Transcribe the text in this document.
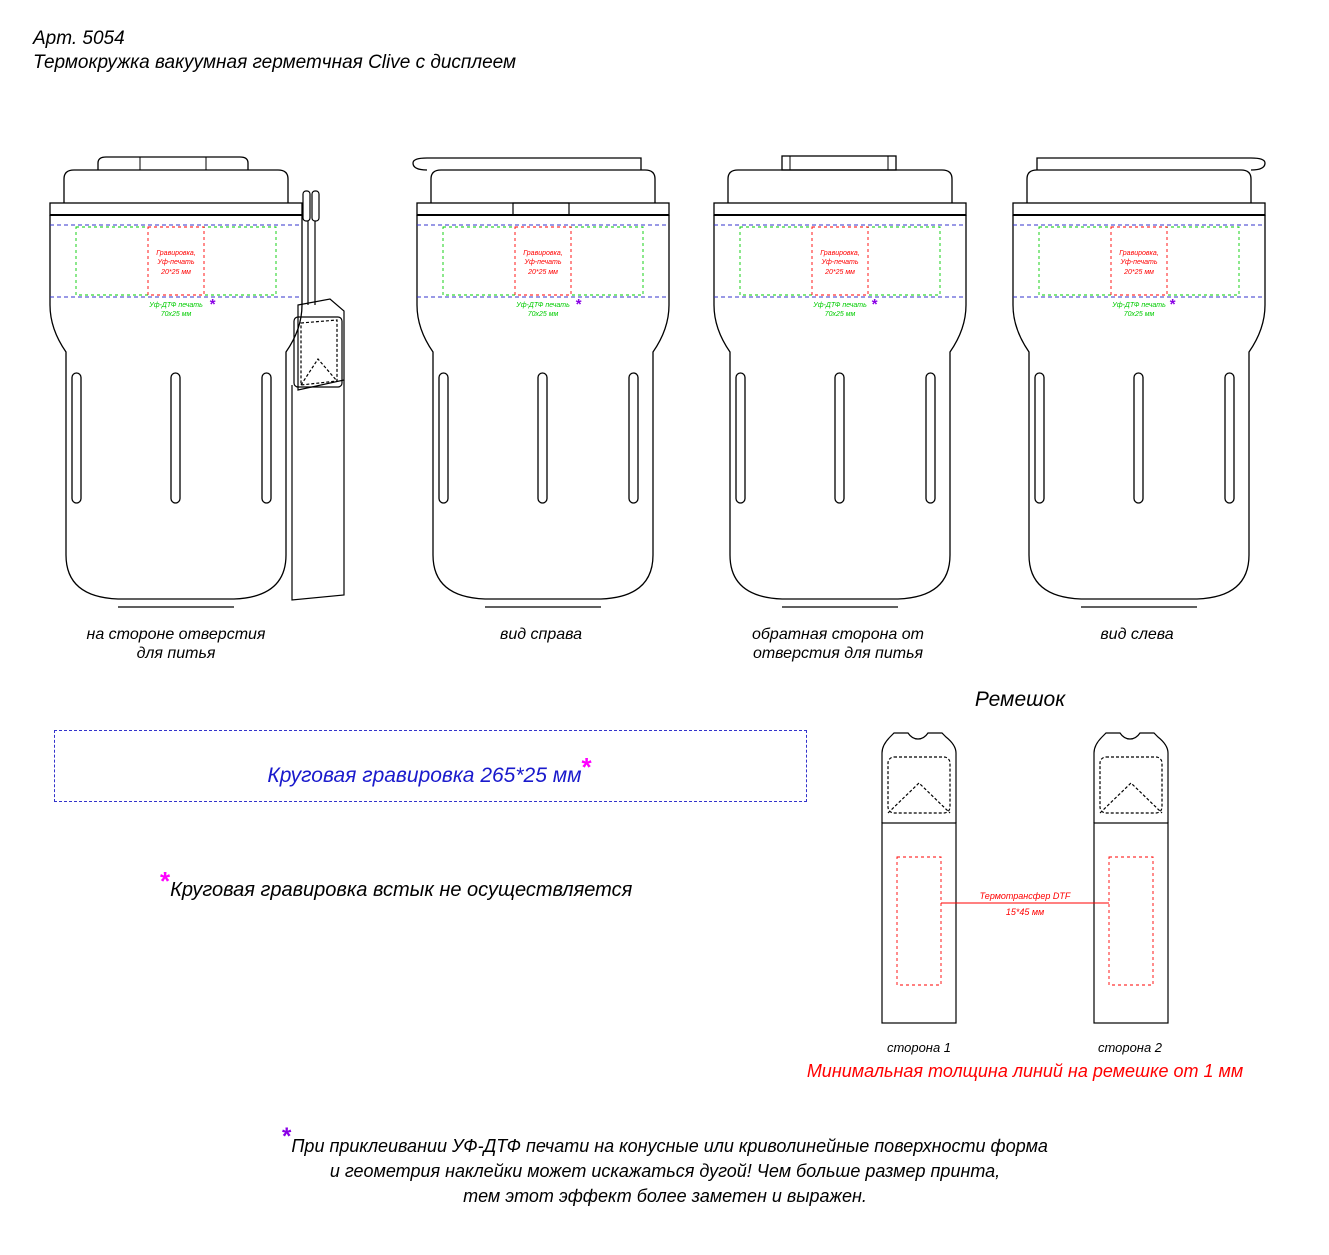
Арт. 5054
Термокружка вакуумная герметчная Clive с дисплеем
Гравировка,
Уф-печать
20*25 мм
Уф-ДТФ печать
70x25 мм
*
Гравировка,
Уф-печать
20*25 мм
Уф-ДТФ печать
70x25 мм
*
Гравировка,
Уф-печать
20*25 мм
Уф-ДТФ печать
70x25 мм
*
Гравировка,
Уф-печать
20*25 мм
Уф-ДТФ печать
70x25 мм
*
на стороне отверстия
для питья
вид справа	обратная сторона от
отверстия для питья
вид слева
Ремешок
Круговая гравировка 265*25 мм*
*Круговая гравировка встык не осуществляется	Термотрансфер DTF
15*45 мм
сторона 1	сторона 2
Минимальная толщина линий на ремешке от 1 мм
*При приклеивании УФ-ДТФ печати на конусные или криволинейные поверхности форма
и геометрия наклейки может искажаться дугой! Чем больше размер принта,
тем этот эффект более заметен и выражен.
